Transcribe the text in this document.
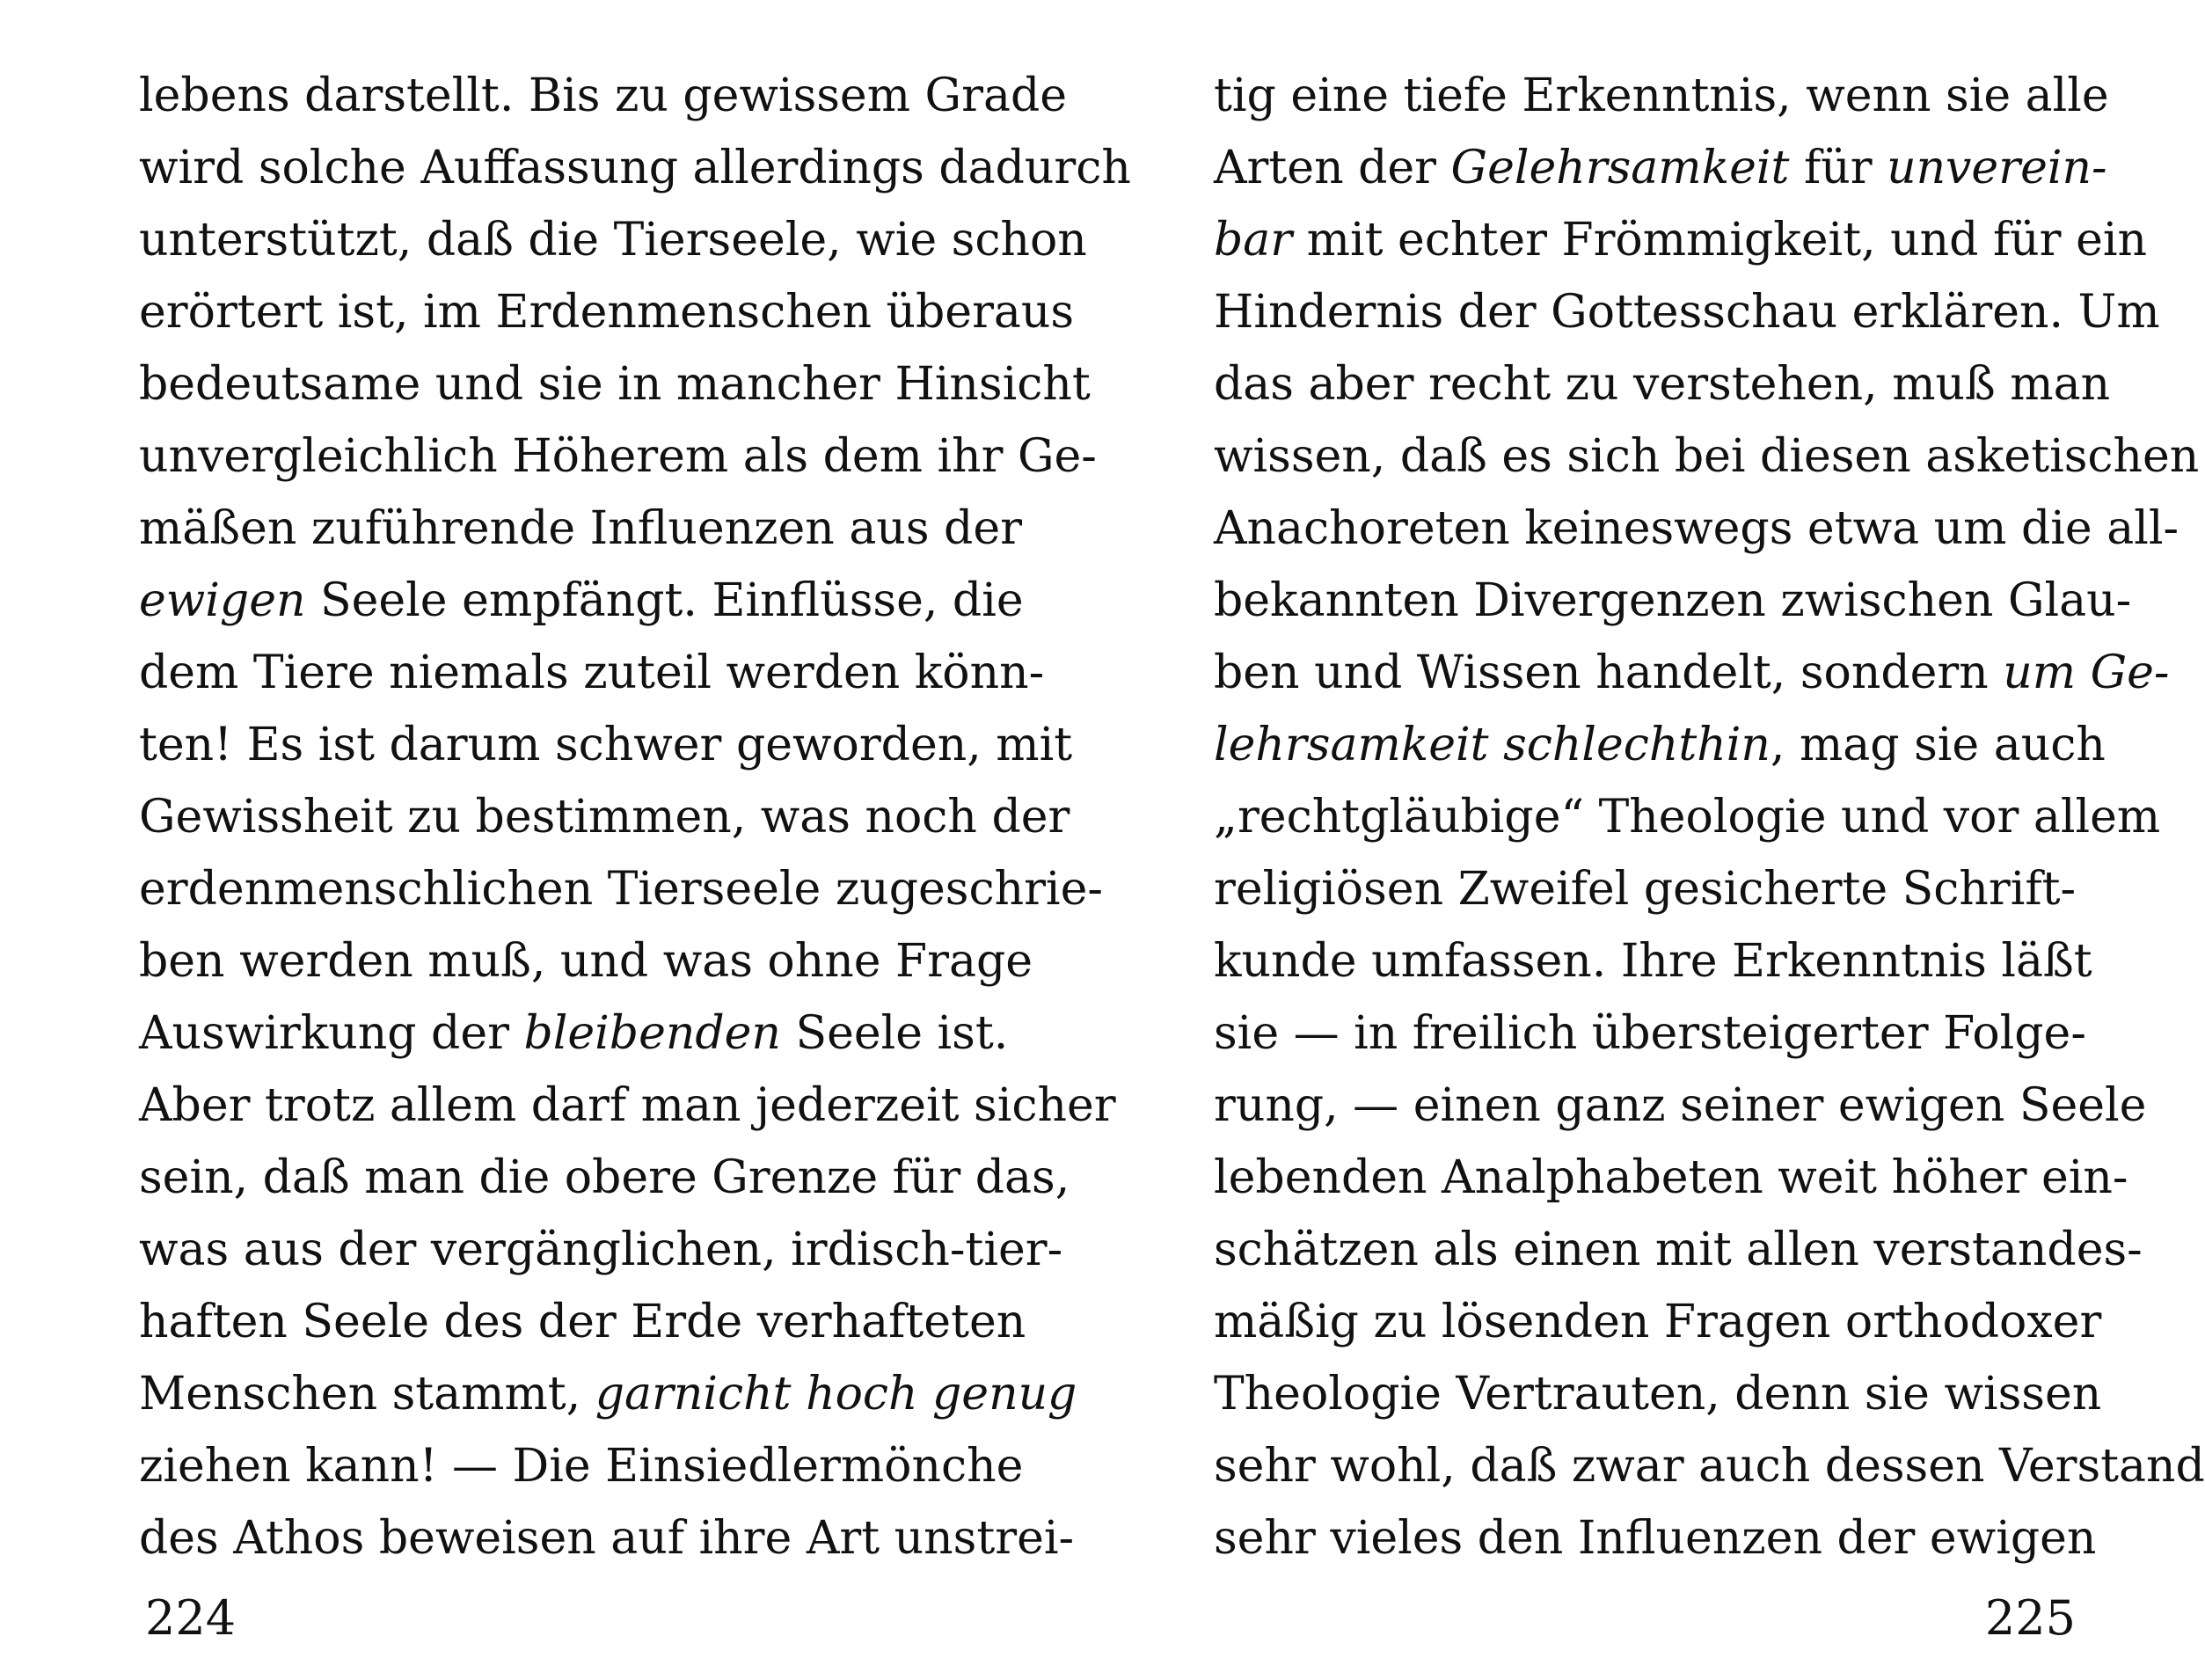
lebens darstellt. Bis zu gewissem Grade
wird solche Auffassung allerdings dadurch
unterstützt, daß die Tierseele, wie schon
erörtert ist, im Erdenmenschen überaus
bedeutsame und sie in mancher Hinsicht
unvergleichlich Höherem als dem ihr Ge-
mäßen zuführende Influenzen aus der
ewigen Seele empfängt. Einflüsse, die
dem Tiere niemals zuteil werden könn-
ten! Es ist darum schwer geworden, mit
Gewissheit zu bestimmen, was noch der
erdenmenschlichen Tierseele zugeschrie-
ben werden muß, und was ohne Frage
Auswirkung der bleibenden Seele ist.
Aber trotz allem darf man jederzeit sicher
sein, daß man die obere Grenze für das,
was aus der vergänglichen, irdisch-tier-
haften Seele des der Erde verhafteten
Menschen stammt, garnicht hoch genug
ziehen kann! — Die Einsiedlermönche
des Athos beweisen auf ihre Art unstrei-
224
tig eine tiefe Erkenntnis, wenn sie alle
Arten der Gelehrsamkeit für unverein-
bar mit echter Frömmigkeit, und für ein
Hindernis der Gottesschau erklären. Um
das aber recht zu verstehen, muß man
wissen, daß es sich bei diesen asketischen
Anachoreten keineswegs etwa um die all-
bekannten Divergenzen zwischen Glau-
ben und Wissen handelt, sondern um Ge-
lehrsamkeit schlechthin, mag sie auch
„rechtgläubige“ Theologie und vor allem
religiösen Zweifel gesicherte Schrift-
kunde umfassen. Ihre Erkenntnis läßt
sie — in freilich übersteigerter Folge-
rung, — einen ganz seiner ewigen Seele
lebenden Analphabeten weit höher ein-
schätzen als einen mit allen verstandes-
mäßig zu lösenden Fragen orthodoxer
Theologie Vertrauten, denn sie wissen
sehr wohl, daß zwar auch dessen Verstand
sehr vieles den Influenzen der ewigen
225
